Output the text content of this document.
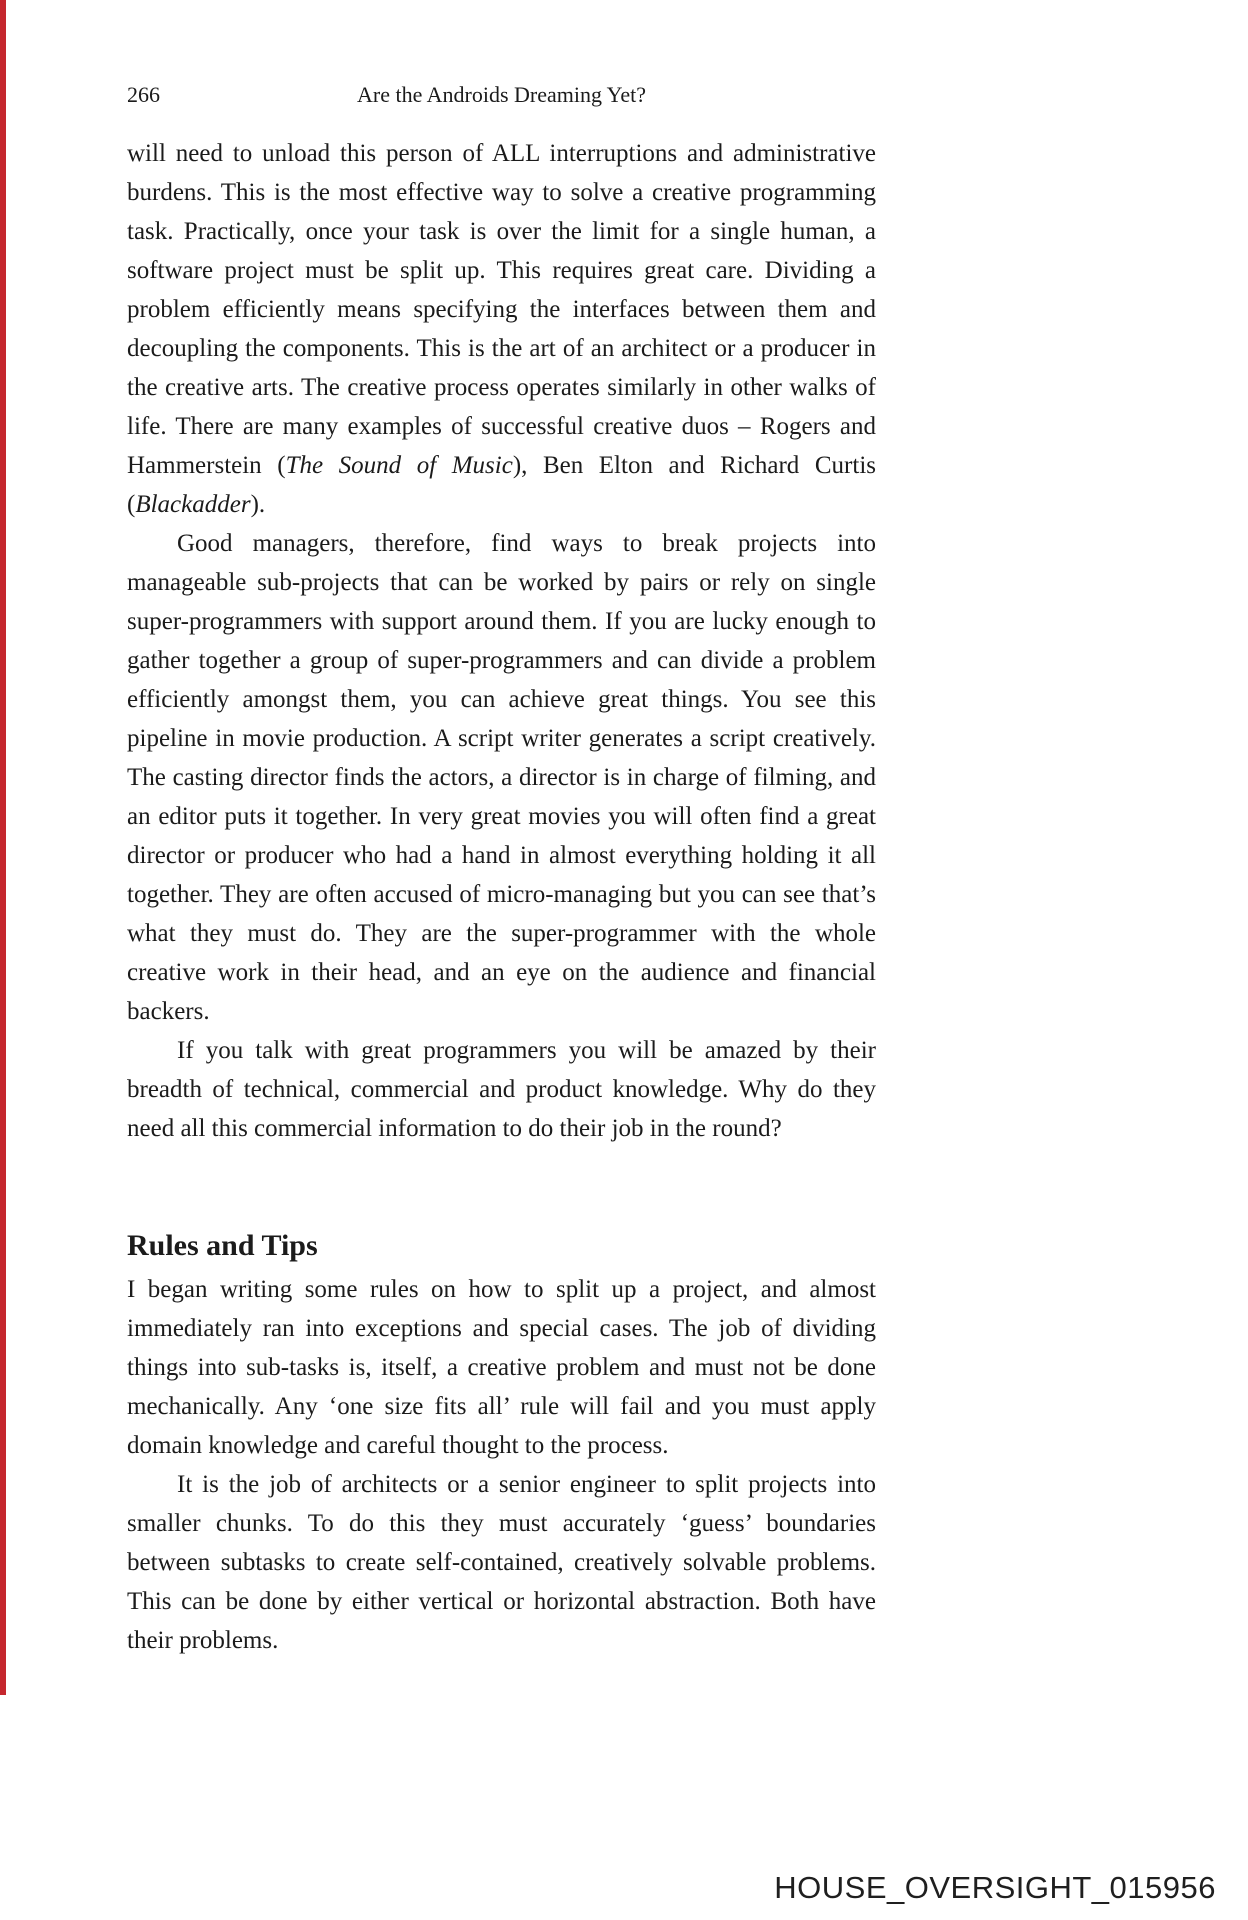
Are the Androids Dreaming Yet?
266

will need to unload this person of ALL interruptions and administrative burdens. This is the most effective way to solve a creative programming task. Practically, once your task is over the limit for a single human, a software project must be split up. This requires great care. Dividing a problem efficiently means specifying the interfaces between them and decoupling the components. This is the art of an architect or a producer in the creative arts. The creative process operates similarly in other walks of life. There are many examples of successful creative duos – Rogers and Hammerstein (The Sound of Music), Ben Elton and Richard Curtis (Blackadder).

Good managers, therefore, find ways to break projects into manageable sub-projects that can be worked by pairs or rely on single super-programmers with support around them. If you are lucky enough to gather together a group of super-programmers and can divide a problem efficiently amongst them, you can achieve great things. You see this pipeline in movie production. A script writer generates a script creatively. The casting director finds the actors, a director is in charge of filming, and an editor puts it together. In very great movies you will often find a great director or producer who had a hand in almost everything holding it all together. They are often accused of micro-managing but you can see that’s what they must do. They are the super-programmer with the whole creative work in their head, and an eye on the audience and financial backers.

If you talk with great programmers you will be amazed by their breadth of technical, commercial and product knowledge. Why do they need all this commercial information to do their job in the round?

Rules and Tips

I began writing some rules on how to split up a project, and almost immediately ran into exceptions and special cases. The job of dividing things into sub-tasks is, itself, a creative problem and must not be done mechanically. Any ‘one size fits all’ rule will fail and you must apply domain knowledge and careful thought to the process.

It is the job of architects or a senior engineer to split projects into smaller chunks. To do this they must accurately ‘guess’ boundaries between subtasks to create self-contained, creatively solvable problems. This can be done by either vertical or horizontal abstraction. Both have their problems.

HOUSE_OVERSIGHT_015956
